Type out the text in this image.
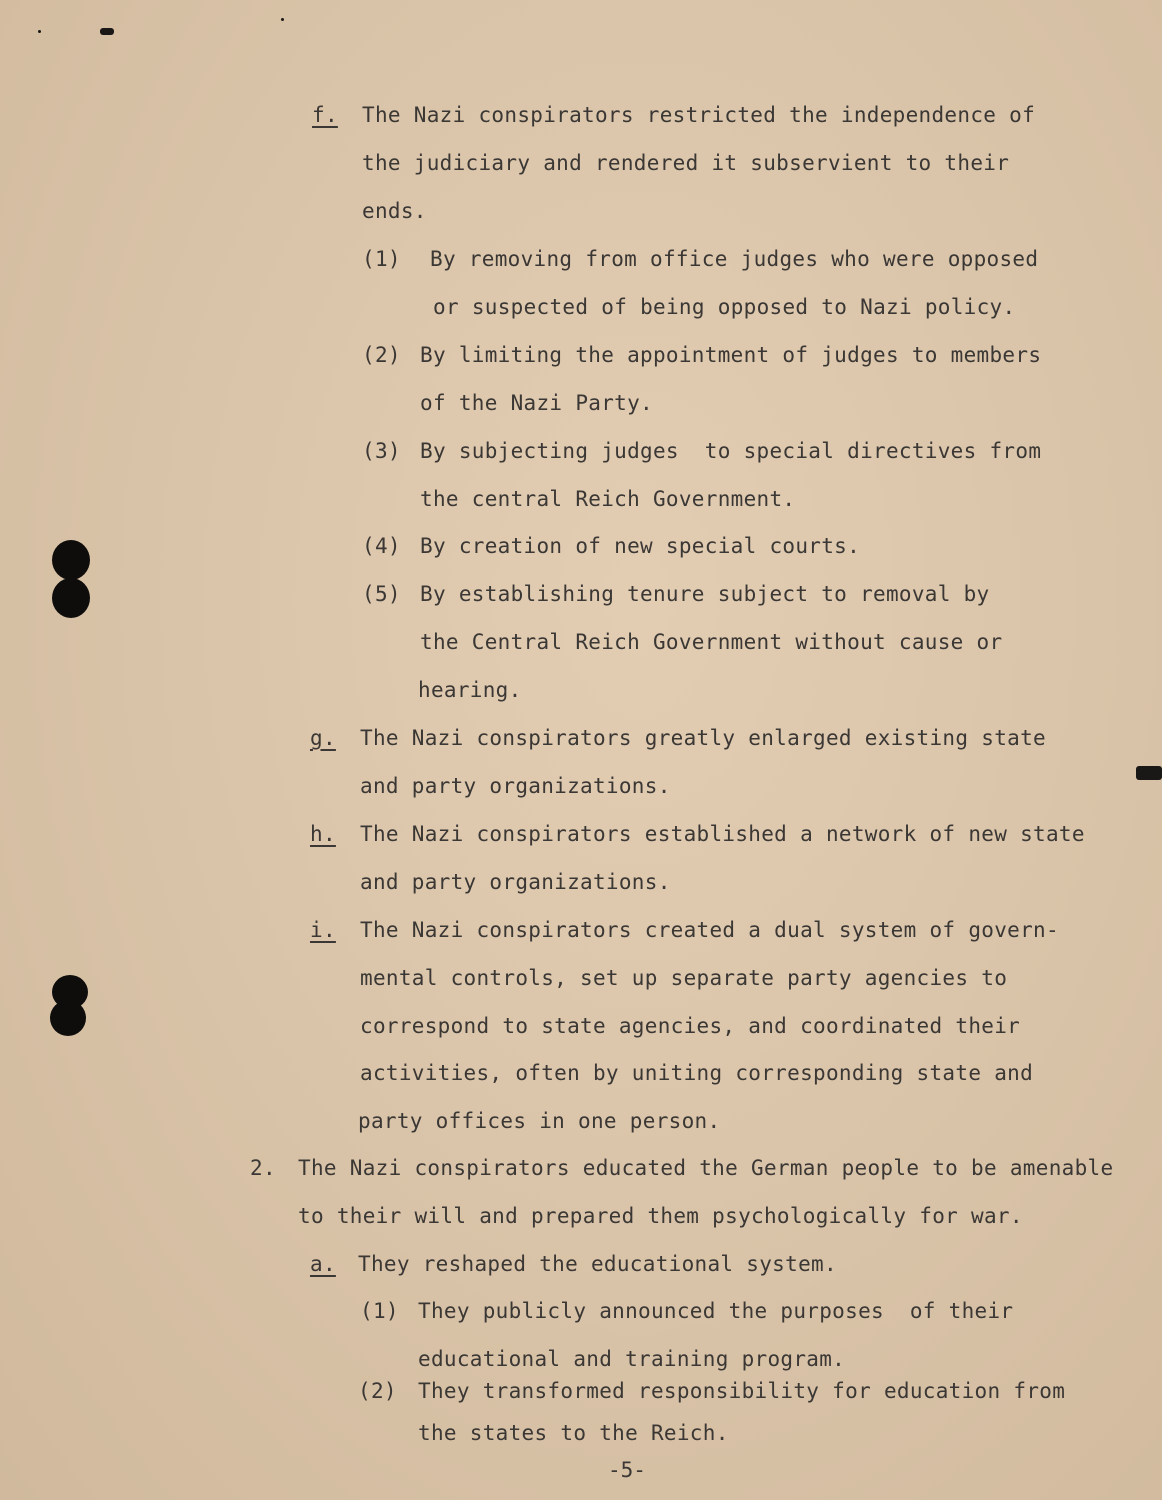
f. The Nazi conspirators restricted the independence of
the judiciary and rendered it subservient to their
ends.
(1) By removing from office judges who were opposed
or suspected of being opposed to Nazi policy.
(2) By limiting the appointment of judges to members
of the Nazi Party.
(3) By subjecting judges  to special directives from
the central Reich Government.
(4) By creation of new special courts.
(5) By establishing tenure subject to removal by
the Central Reich Government without cause or
hearing.
g. The Nazi conspirators greatly enlarged existing state
and party organizations.
h. The Nazi conspirators established a network of new state
and party organizations.
i. The Nazi conspirators created a dual system of govern-
mental controls, set up separate party agencies to
correspond to state agencies, and coordinated their
activities, often by uniting corresponding state and
party offices in one person.
2. The Nazi conspirators educated the German people to be amenable
to their will and prepared them psychologically for war.
a. They reshaped the educational system.
(1) They publicly announced the purposes  of their
educational and training program.
(2) They transformed responsibility for education from
the states to the Reich.
-5-
